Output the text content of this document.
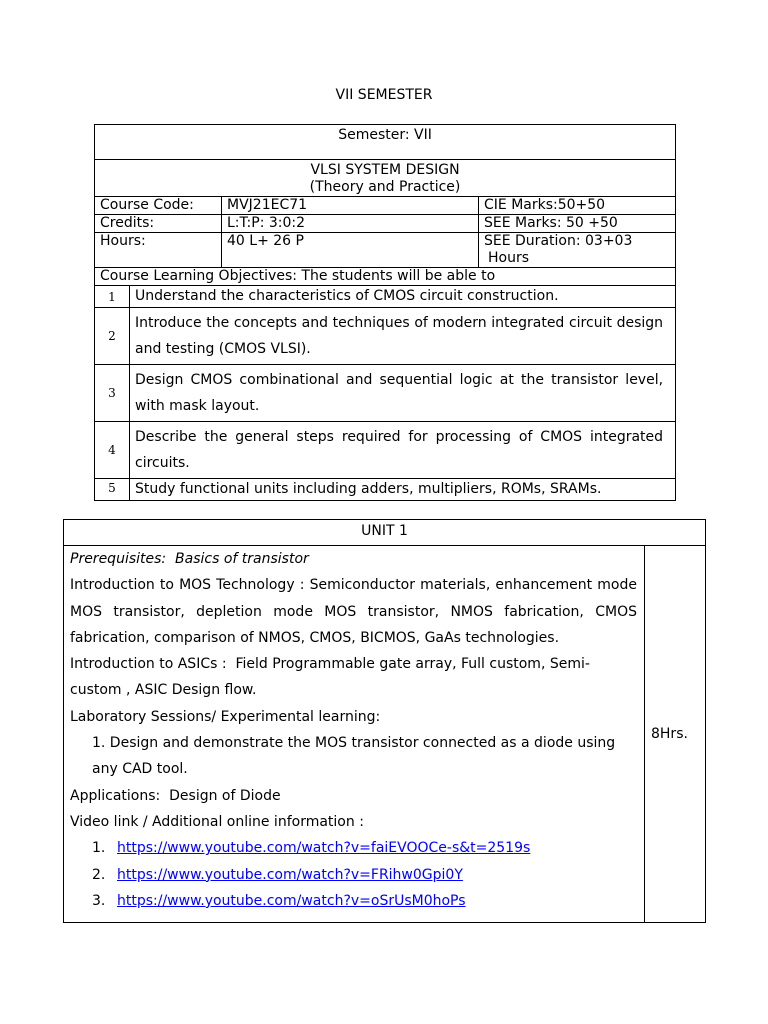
VII SEMESTER
Semester: VII			

VLSI SYSTEM DESIGN
(Theory and Practice)			

Course Code:		MVJ21EC71	CIE Marks:50+50
Credits:		L:T:P: 3:0:2	SEE Marks: 50 +50
Hours:		40 L+ 26 P	SEE Duration: 03+03
Hours

Course Learning Objectives: The students will be able to			
1	Understand the characteristics of CMOS circuit construction.		
2	Introduce the concepts and techniques of modern integrated circuit design and testing (CMOS VLSI).		
3	Design CMOS combinational and sequential logic at the transistor level, with mask layout.		
4	Describe the general steps required for processing of CMOS integrated circuits.		
5	Study functional units including adders, multipliers, ROMs, SRAMs.		
UNIT 1

Prerequisites: Basics of transistor
Introduction to MOS Technology : Semiconductor materials, enhancement mode MOS transistor, depletion mode MOS transistor, NMOS fabrication, CMOS fabrication, comparison of NMOS, CMOS, BICMOS, GaAs technologies.
Introduction to ASICs : Field Programmable gate array, Full custom, Semi-custom , ASIC Design flow.
Laboratory Sessions/ Experimental learning:
1. Design and demonstrate the MOS transistor connected as a diode using any CAD tool.
Applications: Design of Diode
Video link / Additional online information :
1. https://www.youtube.com/watch?v=faiEVOOCe-s&t=2519s
2. https://www.youtube.com/watch?v=FRihw0Gpi0Y
3. https://www.youtube.com/watch?v=oSrUsM0hoPs
	8Hrs.
